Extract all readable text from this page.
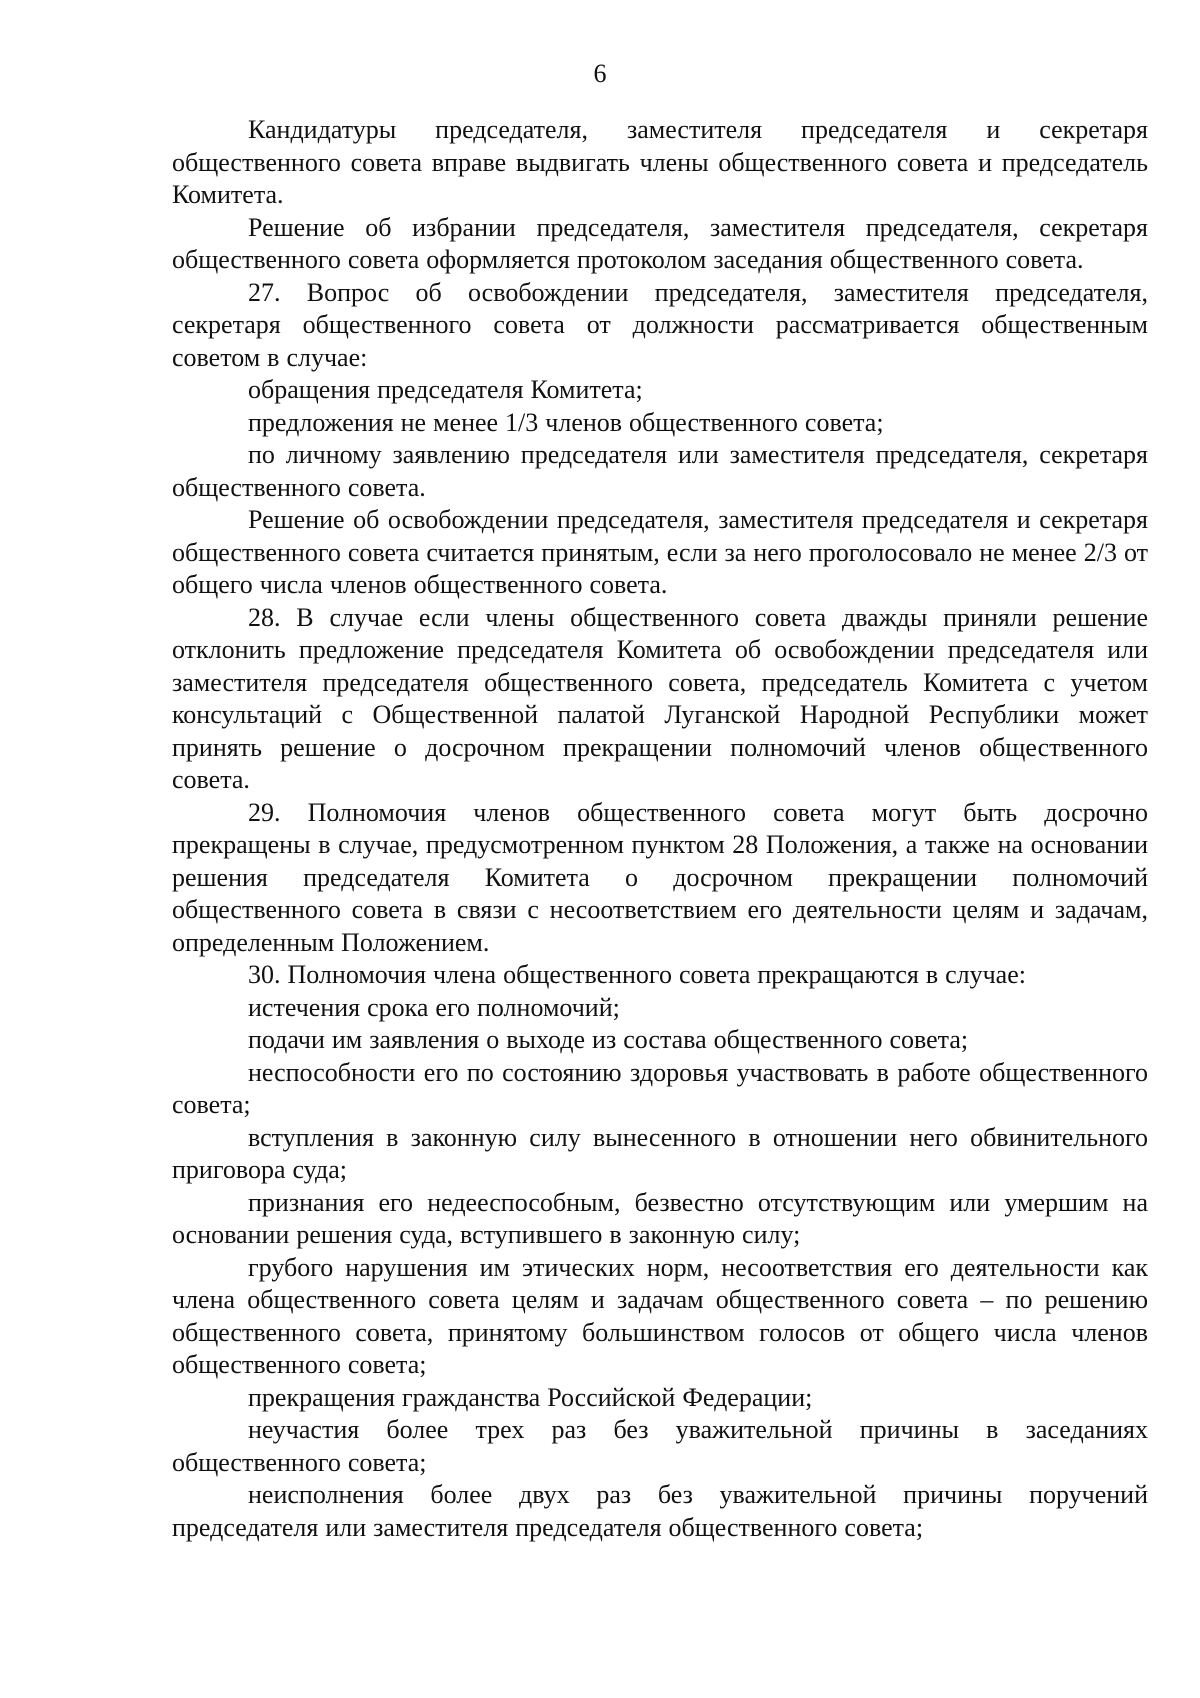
6

Кандидатуры председателя, заместителя председателя и секретаря общественного совета вправе выдвигать члены общественного совета и председатель Комитета.

Решение об избрании председателя, заместителя председателя, секретаря общественного совета оформляется протоколом заседания общественного совета.

27. Вопрос об освобождении председателя, заместителя председателя, секретаря общественного совета от должности рассматривается общественным советом в случае:

обращения председателя Комитета;

предложения не менее 1/3 членов общественного совета;

по личному заявлению председателя или заместителя председателя, секретаря общественного совета.

Решение об освобождении председателя, заместителя председателя и секретаря общественного совета считается принятым, если за него проголосовало не менее 2/3 от общего числа членов общественного совета.

28. В случае если члены общественного совета дважды приняли решение отклонить предложение председателя Комитета об освобождении председателя или заместителя председателя общественного совета, председатель Комитета с учетом консультаций с Общественной палатой Луганской Народной Республики может принять решение о досрочном прекращении полномочий членов общественного совета.

29. Полномочия членов общественного совета могут быть досрочно прекращены в случае, предусмотренном пунктом 28 Положения, а также на основании решения председателя Комитета о досрочном прекращении полномочий общественного совета в связи с несоответствием его деятельности целям и задачам, определенным Положением.

30. Полномочия члена общественного совета прекращаются в случае:

истечения срока его полномочий;

подачи им заявления о выходе из состава общественного совета;

неспособности его по состоянию здоровья участвовать в работе общественного совета;

вступления в законную силу вынесенного в отношении него обвинительного приговора суда;

признания его недееспособным, безвестно отсутствующим или умершим на основании решения суда, вступившего в законную силу;

грубого нарушения им этических норм, несоответствия его деятельности как члена общественного совета целям и задачам общественного совета – по решению общественного совета, принятому большинством голосов от общего числа членов общественного совета;

прекращения гражданства Российской Федерации;

неучастия более трех раз без уважительной причины в заседаниях общественного совета;

неисполнения более двух раз без уважительной причины поручений председателя или заместителя председателя общественного совета;
